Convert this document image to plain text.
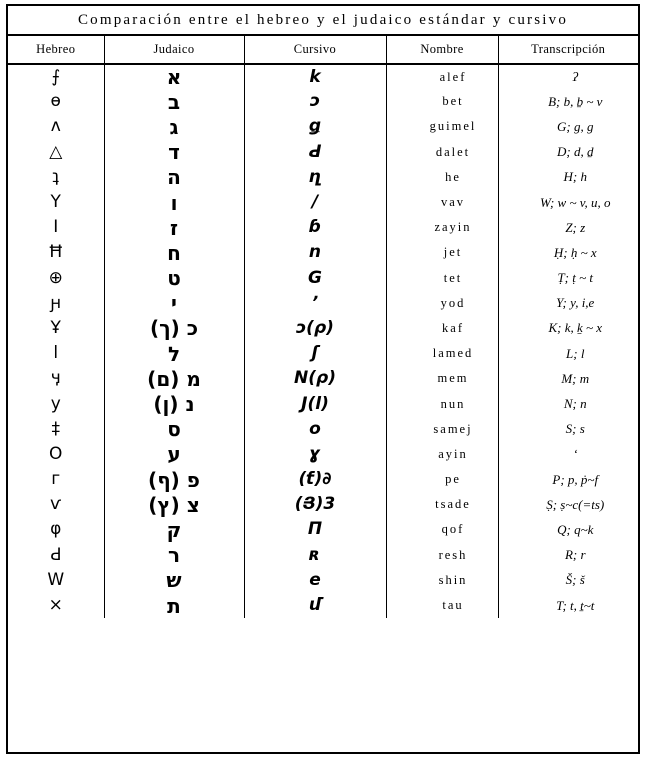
Comparación entre el hebreo y el judaico estándar y cursivo
Hebreo	Judaico	Cursivo	Nombre	Transcripción

⨍	א	k	alef	ʔ

ө	ב	ɔ	bet	B; b, ḇ ~ v

ʌ	ג	ǥ	guimel	G; g, g

△	ד	Ԁ	dalet	D; d, ḏ

ʇ	ה	ղ	he	H; h

Y	ו	/	vav	W; w ~ v, u, o

I	ז	ɓ	zayin	Z; z

Ħ	ח	ո	jet	Ḥ; ḥ ~ x

⊕	ט	G	tet	Ṭ; ṭ ~ t

ԩ	י	ʼ	yod	Y; y, i,e

Ұ	כ (ך)	ɔ(ρ)	kaf	K; k, ḵ ~ x

l	ל	ʃ	lamed	L; l

ӌ	מ (ם)	N(ρ)	mem	M; m

у	נ (ן)	J(l)	nun	N; n

‡	ס	o	samej	S; s

O	ע	ɣ	ayin	ʻ

г	פ (ף)	∂(ƭ)	pe	P; p, ṗ~f

ѵ	צ (ץ)	3(Յ)	tsade	Ṣ; ṣ~c(=ts)

φ	ק	Π	qof	Q; q~k

Ԁ	ר	ʀ	resh	R; r

W	ש	e	shin	Š; š

×	ת	մ	tau	T; t, ṯ~t
